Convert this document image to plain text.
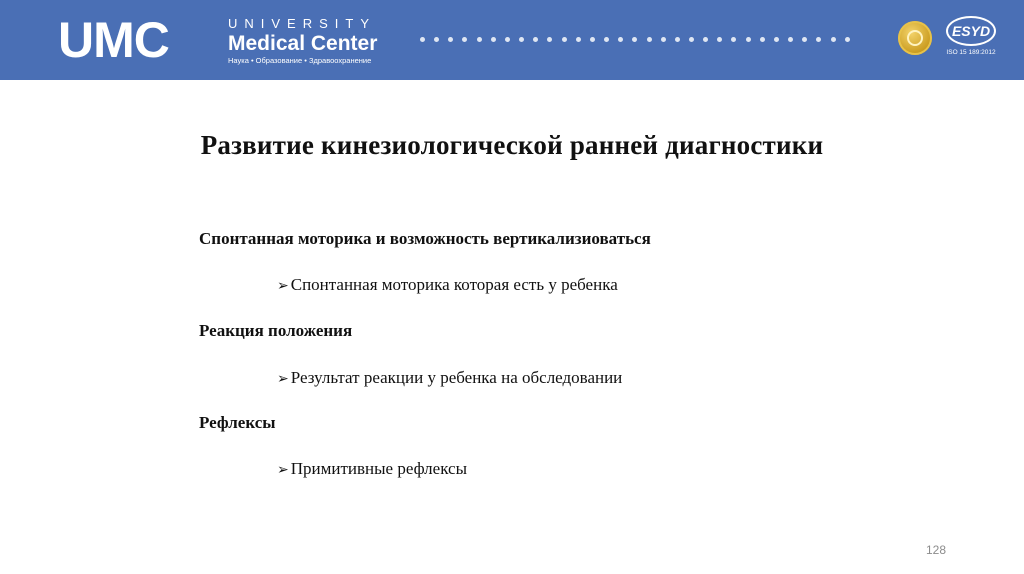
UMC	UNIVERSITY
Medical Center
Наука • Образование • Здравоохранение
ESYD
ISO 15 189:2012
Развитие кинезиологической ранней диагностики
Спонтанная моторика и возможность вертикализиоваться
➢ Спонтанная моторика которая есть у ребенка
Реакция положения
➢ Результат реакции у ребенка на обследовании
Рефлексы
➢ Примитивные рефлексы
128
